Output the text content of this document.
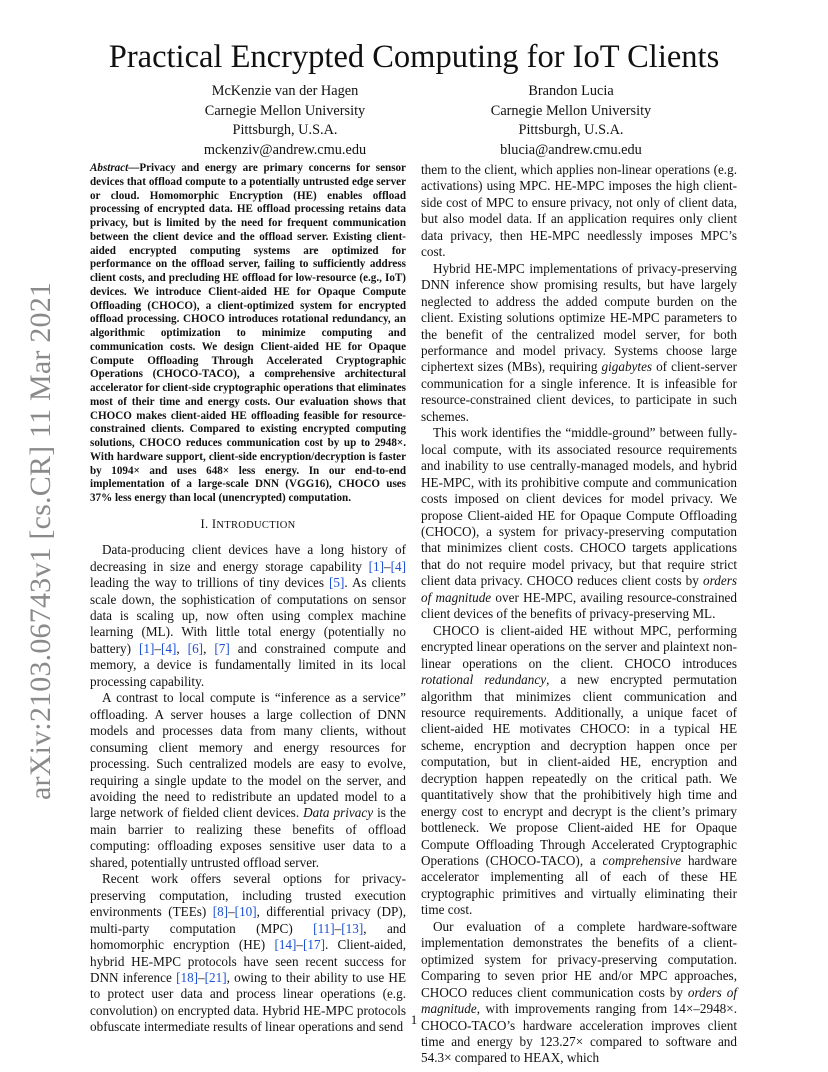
arXiv:2103.06743v1 [cs.CR] 11 Mar 2021
Practical Encrypted Computing for IoT Clients
McKenzie van der Hagen
Carnegie Mellon University
Pittsburgh, U.S.A.
mckenziv@andrew.cmu.edu
Brandon Lucia
Carnegie Mellon University
Pittsburgh, U.S.A.
blucia@andrew.cmu.edu
Abstract—Privacy and energy are primary concerns for sensor devices that offload compute to a potentially untrusted edge server or cloud. Homomorphic Encryption (HE) enables offload processing of encrypted data. HE offload processing retains data privacy, but is limited by the need for frequent communication between the client device and the offload server. Existing client-aided encrypted computing systems are optimized for performance on the offload server, failing to sufficiently address client costs, and precluding HE offload for low-resource (e.g., IoT) devices. We introduce Client-aided HE for Opaque Compute Offloading (CHOCO), a client-optimized system for encrypted offload processing. CHOCO introduces rotational redundancy, an algorithmic optimization to minimize computing and communication costs. We design Client-aided HE for Opaque Compute Offloading Through Accelerated Cryptographic Operations (CHOCO-TACO), a comprehensive architectural accelerator for client-side cryptographic operations that eliminates most of their time and energy costs. Our evaluation shows that CHOCO makes client-aided HE offloading feasible for resource-constrained clients. Compared to existing encrypted computing solutions, CHOCO reduces communication cost by up to 2948×. With hardware support, client-side encryption/decryption is faster by 1094× and uses 648× less energy. In our end-to-end implementation of a large-scale DNN (VGG16), CHOCO uses 37% less energy than local (unencrypted) computation.
I. INTRODUCTION

Data-producing client devices have a long history of decreasing in size and energy storage capability [1]–[4] leading the way to trillions of tiny devices [5]. As clients scale down, the sophistication of computations on sensor data is scaling up, now often using complex machine learning (ML). With little total energy (potentially no battery) [1]–[4], [6], [7] and constrained compute and memory, a device is fundamentally limited in its local processing capability.

A contrast to local compute is “inference as a service” offloading. A server houses a large collection of DNN models and processes data from many clients, without consuming client memory and energy resources for processing. Such centralized models are easy to evolve, requiring a single update to the model on the server, and avoiding the need to redistribute an updated model to a large network of fielded client devices. Data privacy is the main barrier to realizing these benefits of offload computing: offloading exposes sensitive user data to a shared, potentially untrusted offload server.

Recent work offers several options for privacy-preserving computation, including trusted execution environments (TEEs) [8]–[10], differential privacy (DP), multi-party computation (MPC) [11]–[13], and homomorphic encryption (HE) [14]–[17]. Client-aided, hybrid HE-MPC protocols have seen recent success for DNN inference [18]–[21], owing to their ability to use HE to protect user data and process linear operations (e.g. convolution) on encrypted data. Hybrid HE-MPC protocols obfuscate intermediate results of linear operations and send

them to the client, which applies non-linear operations (e.g. activations) using MPC. HE-MPC imposes the high client-side cost of MPC to ensure privacy, not only of client data, but also model data. If an application requires only client data privacy, then HE-MPC needlessly imposes MPC’s cost.

Hybrid HE-MPC implementations of privacy-preserving DNN inference show promising results, but have largely neglected to address the added compute burden on the client. Existing solutions optimize HE-MPC parameters to the benefit of the centralized model server, for both performance and model privacy. Systems choose large ciphertext sizes (MBs), requiring gigabytes of client-server communication for a single inference. It is infeasible for resource-constrained client devices, to participate in such schemes.

This work identifies the “middle-ground” between fully-local compute, with its associated resource requirements and inability to use centrally-managed models, and hybrid HE-MPC, with its prohibitive compute and communication costs imposed on client devices for model privacy. We propose Client-aided HE for Opaque Compute Offloading (CHOCO), a system for privacy-preserving computation that minimizes client costs. CHOCO targets applications that do not require model privacy, but that require strict client data privacy. CHOCO reduces client costs by orders of magnitude over HE-MPC, availing resource-constrained client devices of the benefits of privacy-preserving ML.

CHOCO is client-aided HE without MPC, performing encrypted linear operations on the server and plaintext non-linear operations on the client. CHOCO introduces rotational redundancy, a new encrypted permutation algorithm that minimizes client communication and resource requirements. Additionally, a unique facet of client-aided HE motivates CHOCO: in a typical HE scheme, encryption and decryption happen once per computation, but in client-aided HE, encryption and decryption happen repeatedly on the critical path. We quantitatively show that the prohibitively high time and energy cost to encrypt and decrypt is the client’s primary bottleneck. We propose Client-aided HE for Opaque Compute Offloading Through Accelerated Cryptographic Operations (CHOCO-TACO), a comprehensive hardware accelerator implementing all of each of these HE cryptographic primitives and virtually eliminating their time cost.

Our evaluation of a complete hardware-software implementation demonstrates the benefits of a client-optimized system for privacy-preserving computation. Comparing to seven prior HE and/or MPC approaches, CHOCO reduces client communication costs by orders of magnitude, with improvements ranging from 14×–2948×. CHOCO-TACO’s hardware acceleration improves client time and energy by 123.27× compared to software and 54.3× compared to HEAX, which

1
